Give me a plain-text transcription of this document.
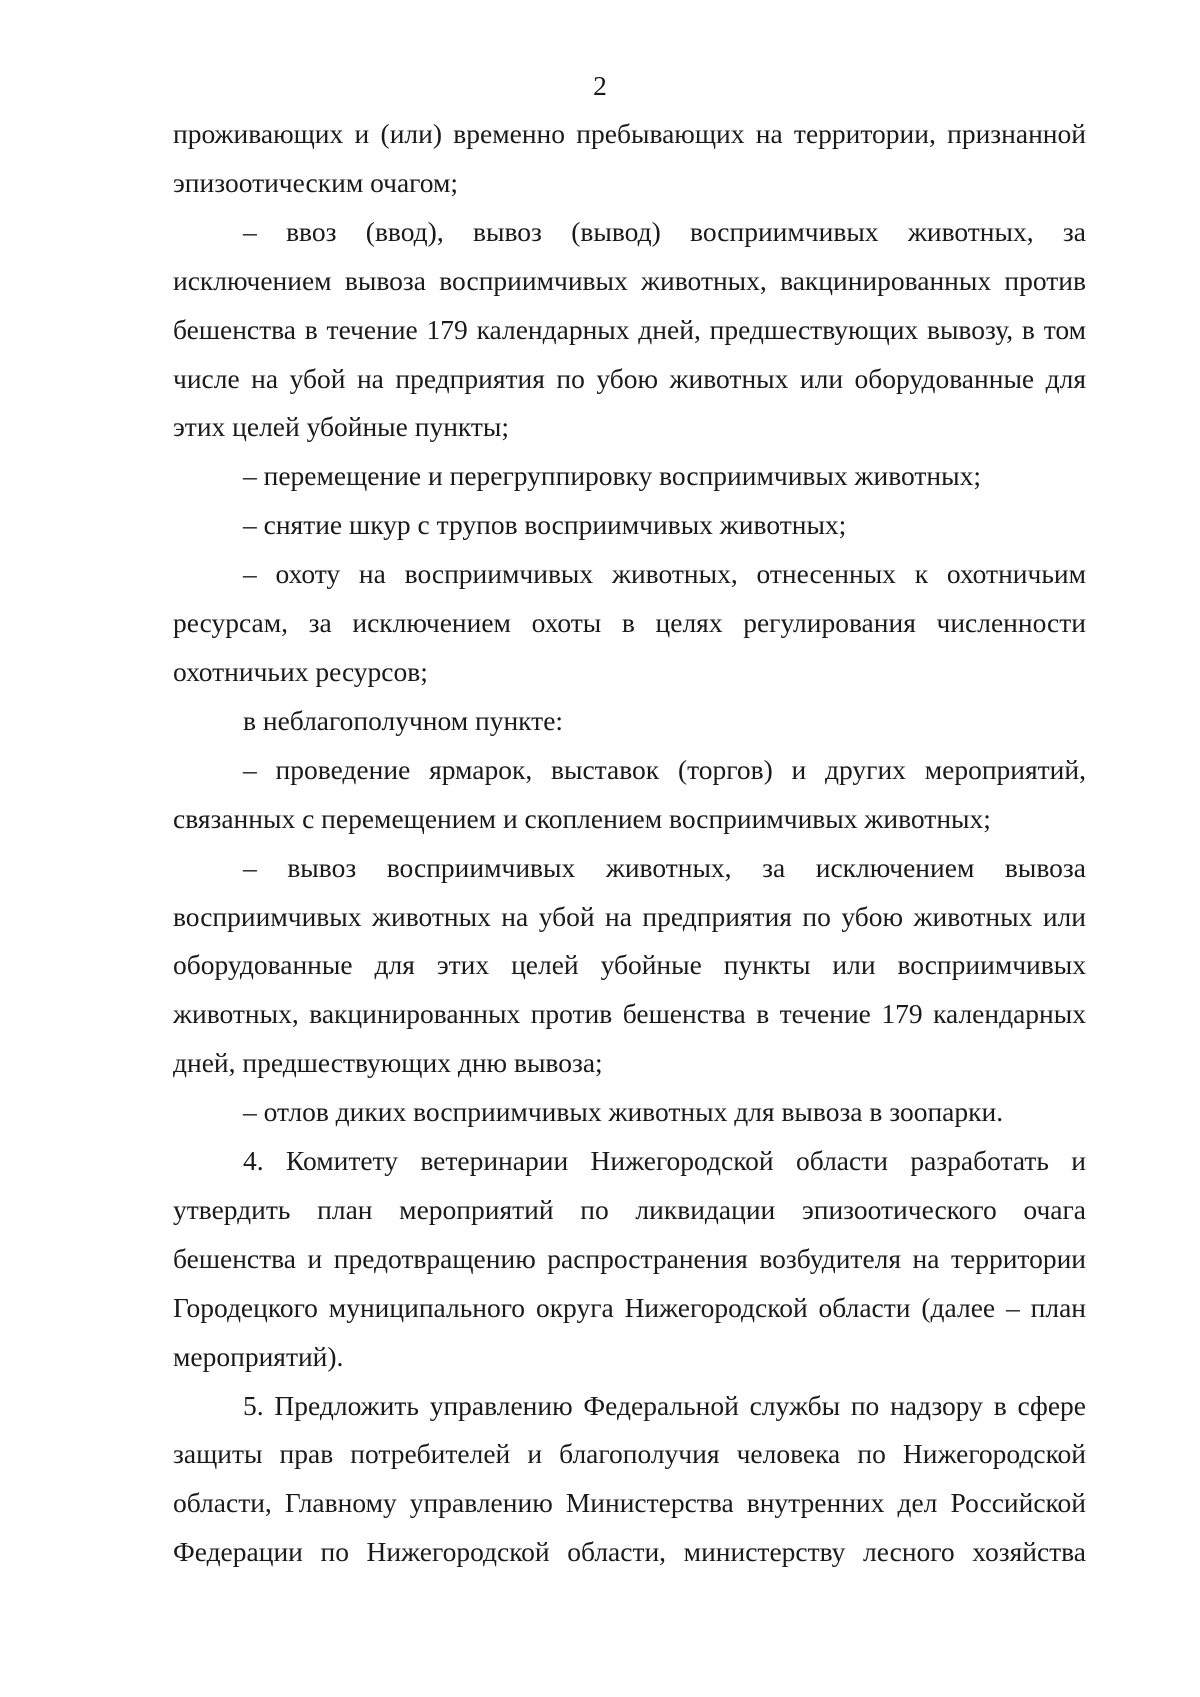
2

проживающих и (или) временно пребывающих на территории, признанной эпизоотическим очагом;

– ввоз (ввод), вывоз (вывод) восприимчивых животных, за исключением вывоза восприимчивых животных, вакцинированных против бешенства в течение 179 календарных дней, предшествующих вывозу, в том числе на убой на предприятия по убою животных или оборудованные для этих целей убойные пункты;

– перемещение и перегруппировку восприимчивых животных;

– снятие шкур с трупов восприимчивых животных;

– охоту на восприимчивых животных, отнесенных к охотничьим ресурсам, за исключением охоты в целях регулирования численности охотничьих ресурсов;

в неблагополучном пункте:

– проведение ярмарок, выставок (торгов) и других мероприятий, связанных с перемещением и скоплением восприимчивых животных;

– вывоз восприимчивых животных, за исключением вывоза восприимчивых животных на убой на предприятия по убою животных или оборудованные для этих целей убойные пункты или восприимчивых животных, вакцинированных против бешенства в течение 179 календарных дней, предшествующих дню вывоза;

– отлов диких восприимчивых животных для вывоза в зоопарки.

4. Комитету ветеринарии Нижегородской области разработать и утвердить план мероприятий по ликвидации эпизоотического очага бешенства и предотвращению распространения возбудителя на территории Городецкого муниципального округа Нижегородской области (далее – план мероприятий).

5. Предложить управлению Федеральной службы по надзору в сфере защиты прав потребителей и благополучия человека по Нижегородской области, Главному управлению Министерства внутренних дел Российской Федерации по Нижегородской области, министерству лесного хозяйства
